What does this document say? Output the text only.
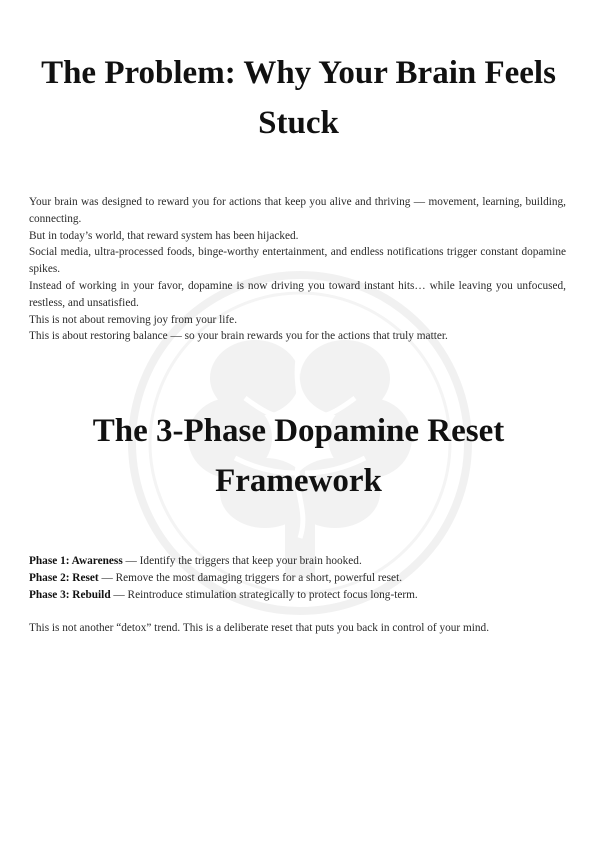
The Problem: Why Your Brain Feels Stuck

Your brain was designed to reward you for actions that keep you alive and thriving — movement, learning, building, connecting.

But in today’s world, that reward system has been hijacked.

Social media, ultra-processed foods, binge-worthy entertainment, and endless notifications trigger constant dopamine spikes.

Instead of working in your favor, dopamine is now driving you toward instant hits… while leaving you unfocused, restless, and unsatisfied.

This is not about removing joy from your life.

This is about restoring balance — so your brain rewards you for the actions that truly matter.

The 3-Phase Dopamine Reset Framework

Phase 1: Awareness — Identify the triggers that keep your brain hooked.

Phase 2: Reset — Remove the most damaging triggers for a short, powerful reset.

Phase 3: Rebuild — Reintroduce stimulation strategically to protect focus long-term.

This is not another “detox” trend. This is a deliberate reset that puts you back in control of your mind.
